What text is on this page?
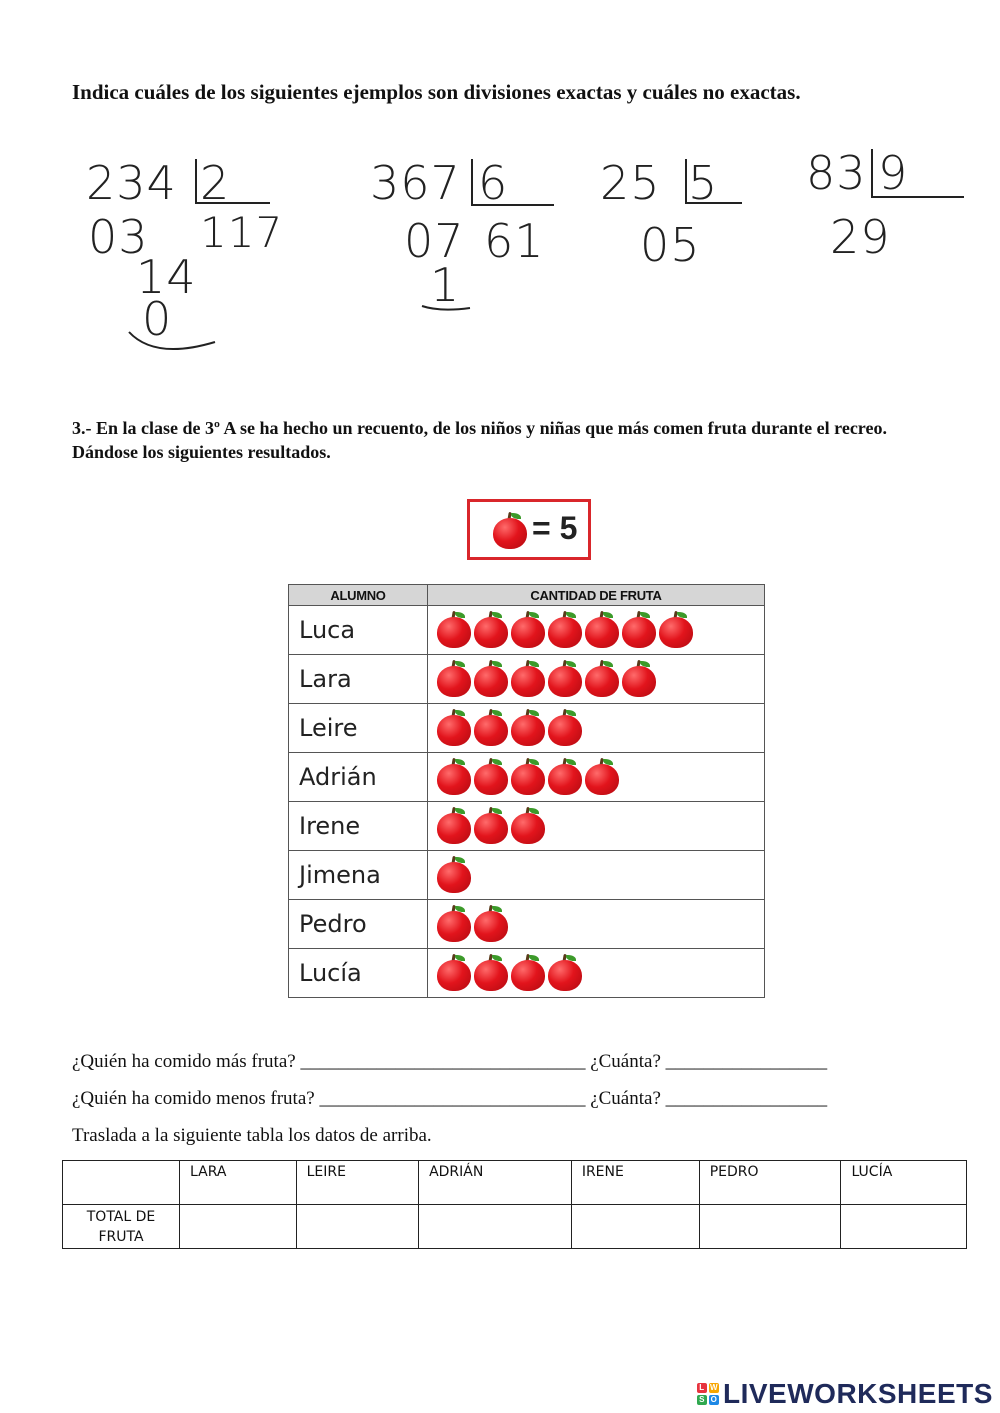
Indica cuáles de los siguientes ejemplos son divisiones exactas y cuáles no exactas.
234 2
03 117
14
0
367 6
07 61
1
25 5
05
83 9
29
3.- En la clase de 3º A se ha hecho un recuento, de los niños y niñas que más comen fruta durante el recreo. Dándose los siguientes resultados.
= 5
ALUMNO	CANTIDAD DE FRUTA
Luca	

Lara	

Leire	

Adrián	

Irene	

Jimena	

Pedro	

Lucía	
¿Quién ha comido más fruta? ______________________________ ¿Cuánta? _________________
¿Quién ha comido menos fruta? ____________________________ ¿Cuánta? _________________
Traslada a la siguiente tabla los datos de arriba.
	LARA	LEIRE	ADRIÁN	IRENE	PEDRO	LUCÍA
TOTAL DE FRUTA						
L W
S O LIVEWORKSHEETS
